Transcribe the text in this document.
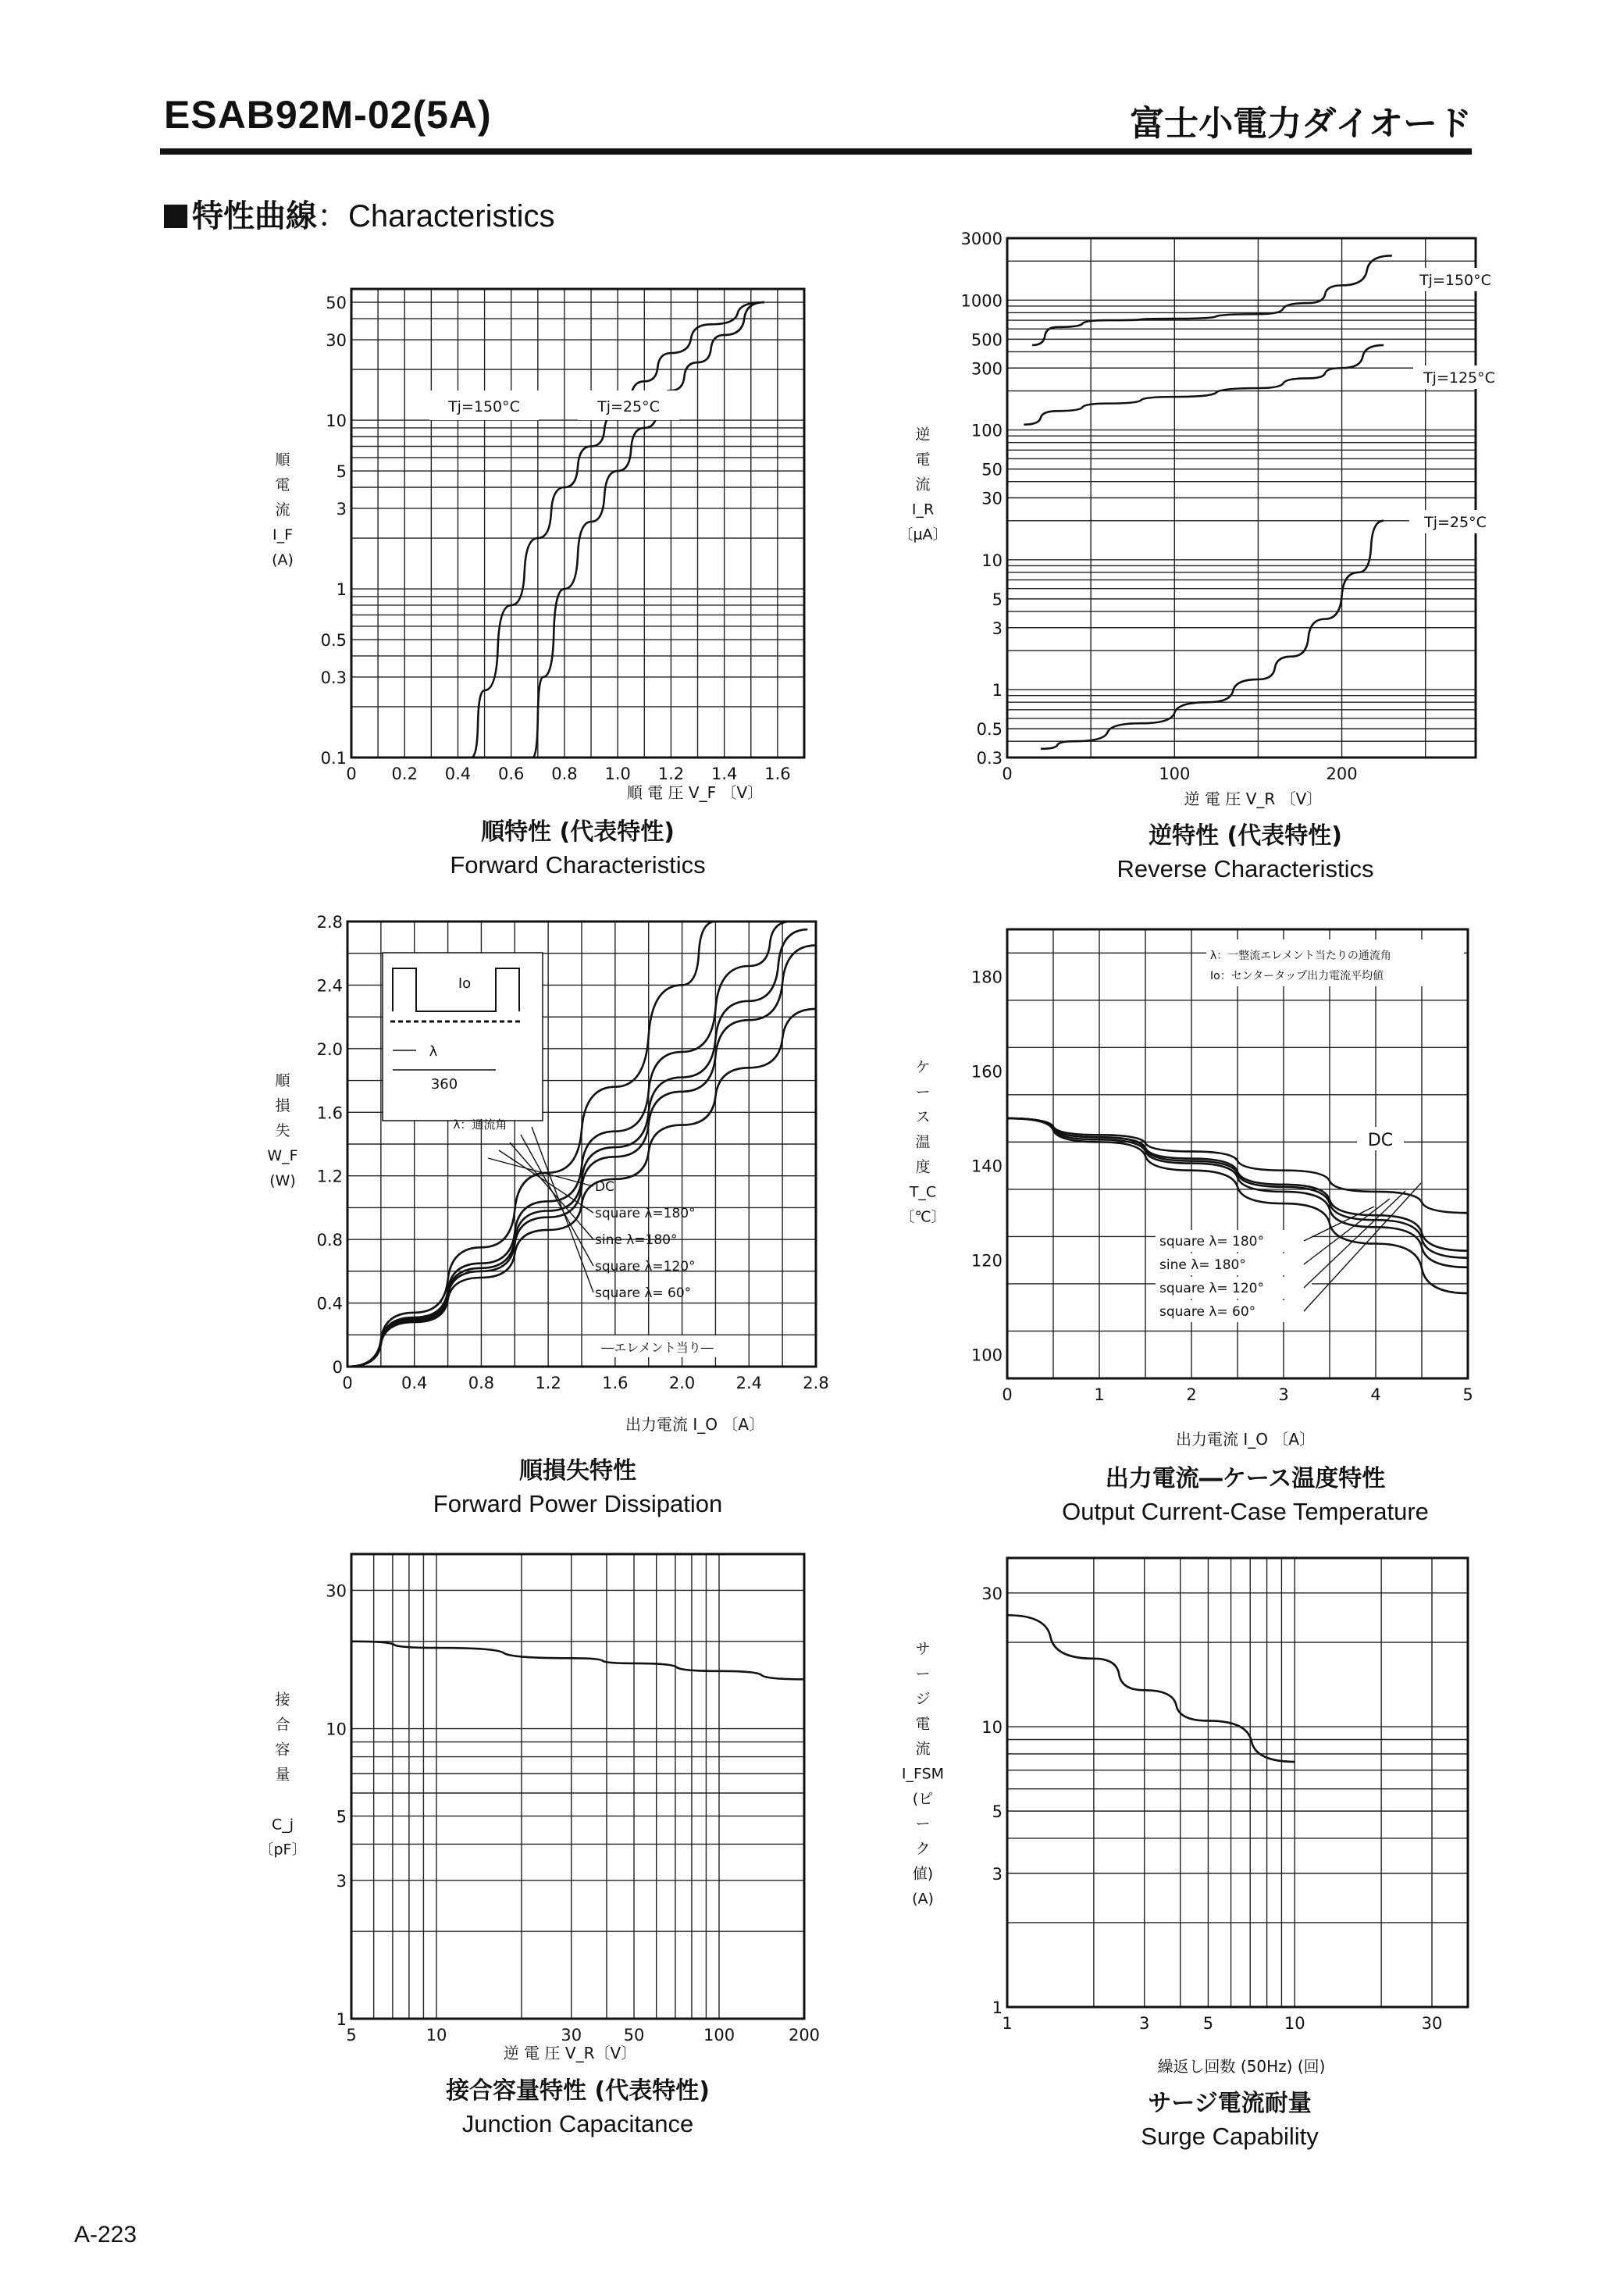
ESAB92M-02(5A)	富士小電力ダイオード
特性曲線：Characteristics
0 0.2 0.4 0.6 0.8 1.0 1.2 1.4 1.6
0.1
0.3
0.5
1
3
5
10
30
50
順 電 圧 V_F 〔V〕
順
電
流
I_F
(A)
Tj=150°C	Tj=25°C
順特性 (代表特性)
Forward Characteristics
0	100	200
0.3
0.5
1
3
5
10
30
50
100
300
500
1000
3000
逆 電 圧 V_R 〔V〕
逆
電
流
I_R
〔μA〕
Tj=150°C
Tj=125°C
Tj=25°C
逆特性 (代表特性)
Reverse Characteristics
0	0.4 0.8 1.2 1.6 2.0 2.4 2.8
0
0.4
0.8
1.2
1.6
2.0
2.4
2.8
出力電流 I_O 〔A〕
順
損
失
W_F
(W)
Io
λ
360
λ：通流角
DC
square λ=180°
sine λ=180°
square λ=120°
square λ= 60°
―エレメント当り―
順損失特性
Forward Power Dissipation
0	1	2	3	4	5
100
120
140
160
180
出力電流 I_O 〔A〕
ケ
ー
ス
温
度
T_C
〔℃〕
λ：一整流エレメント当たりの通流角
Io：センタータップ出力電流平均値
DC
square λ= 180°
sine λ= 180°
square λ= 120°
square λ= 60°
出力電流―ケース温度特性
Output Current-Case Temperature
5	10	30	50	100	200
1
3
5
10
30
逆 電 圧 V_R〔V〕
接
合
容
量
C_j
〔pF〕
接合容量特性 (代表特性)
Junction Capacitance
1	3	5	10	30
1
3
5
10
30
繰返し回数 (50Hz) (回)
サ
ー
ジ
電
流
I_FSM
(ピ
ー
ク
値)
(A)
サージ電流耐量
Surge Capability
A-223
